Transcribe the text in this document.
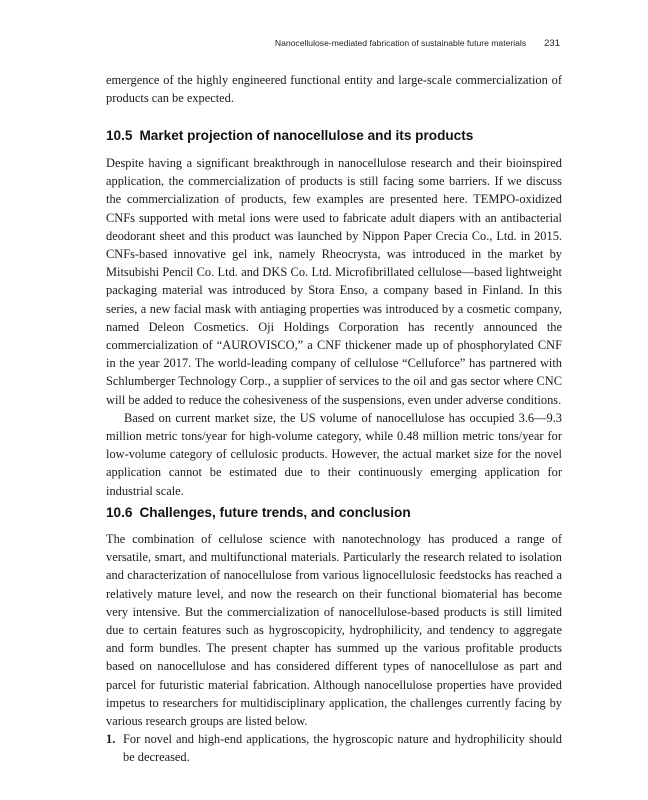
Nanocellulose-mediated fabrication of sustainable future materials 231

emergence of the highly engineered functional entity and large-scale commercialization of products can be expected.

10.5 Market projection of nanocellulose and its products

Despite having a significant breakthrough in nanocellulose research and their bioinspired application, the commercialization of products is still facing some barriers. If we discuss the commercialization of products, few examples are presented here. TEMPO-oxidized CNFs supported with metal ions were used to fabricate adult diapers with an antibacterial deodorant sheet and this product was launched by Nippon Paper Crecia Co., Ltd. in 2015. CNFs-based innovative gel ink, namely Rheocrysta, was introduced in the market by Mitsubishi Pencil Co. Ltd. and DKS Co. Ltd. Microfibrillated cellulose—based lightweight packaging material was introduced by Stora Enso, a company based in Finland. In this series, a new facial mask with antiaging properties was introduced by a cosmetic company, named Deleon Cosmetics. Oji Holdings Corporation has recently announced the commercialization of “AUROVISCO,” a CNF thickener made up of phosphorylated CNF in the year 2017. The world-leading company of cellulose “Celluforce” has partnered with Schlumberger Technology Corp., a supplier of services to the oil and gas sector where CNC will be added to reduce the cohesiveness of the suspensions, even under adverse conditions.

Based on current market size, the US volume of nanocellulose has occupied 3.6—9.3 million metric tons/year for high-volume category, while 0.48 million metric tons/year for low-volume category of cellulosic products. However, the actual market size for the novel application cannot be estimated due to their continuously emerging application for industrial scale.

10.6 Challenges, future trends, and conclusion

The combination of cellulose science with nanotechnology has produced a range of versatile, smart, and multifunctional materials. Particularly the research related to isolation and characterization of nanocellulose from various lignocellulosic feedstocks has reached a relatively mature level, and now the research on their functional biomaterial has become very intensive. But the commercialization of nanocellulose-based products is still limited due to certain features such as hygroscopicity, hydrophilicity, and tendency to aggregate and form bundles. The present chapter has summed up the various profitable products based on nanocellulose and has considered different types of nanocellulose as part and parcel for futuristic material fabrication. Although nanocellulose properties have provided impetus to researchers for multidisciplinary application, the challenges currently facing by various research groups are listed below.

1. For novel and high-end applications, the hygroscopic nature and hydrophilicity should be decreased.
